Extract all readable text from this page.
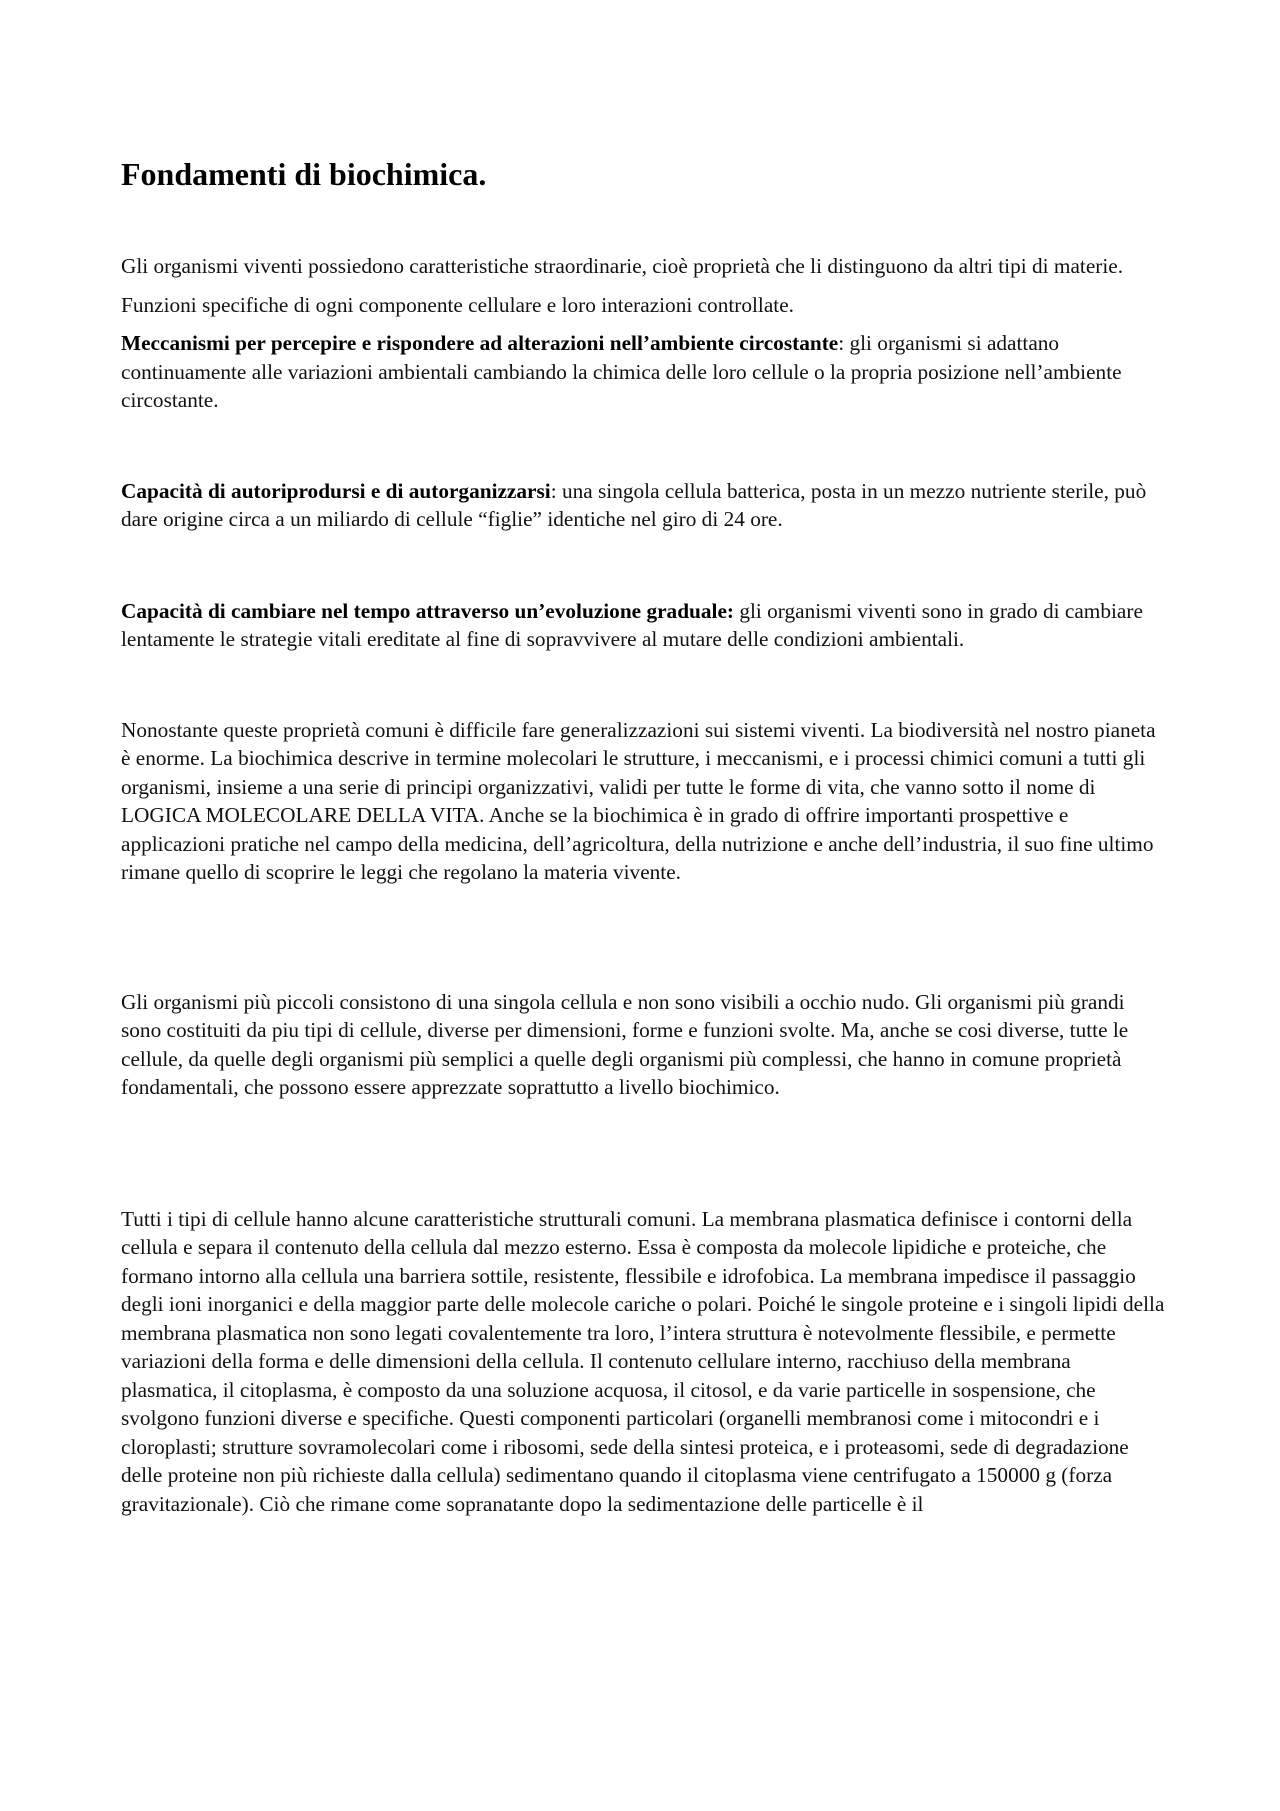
Fondamenti di biochimica.

Gli organismi viventi possiedono caratteristiche straordinarie, cioè proprietà che li distinguono da altri tipi di materie.

Funzioni specifiche di ogni componente cellulare e loro interazioni controllate.

Meccanismi per percepire e rispondere ad alterazioni nell’ambiente circostante: gli organismi si adattano continuamente alle variazioni ambientali cambiando la chimica delle loro cellule o la propria posizione nell’ambiente circostante.

Capacità di autoriprodursi e di autorganizzarsi: una singola cellula batterica, posta in un mezzo nutriente sterile, può dare origine circa a un miliardo di cellule “figlie” identiche nel giro di 24 ore.

Capacità di cambiare nel tempo attraverso un’evoluzione graduale: gli organismi viventi sono in grado di cambiare lentamente le strategie vitali ereditate al fine di sopravvivere al mutare delle condizioni ambientali.

Nonostante queste proprietà comuni è difficile fare generalizzazioni sui sistemi viventi. La biodiversità nel nostro pianeta è enorme. La biochimica descrive in termine molecolari le strutture, i meccanismi, e i processi chimici comuni a tutti gli organismi, insieme a una serie di principi organizzativi, validi per tutte le forme di vita, che vanno sotto il nome di LOGICA MOLECOLARE DELLA VITA. Anche se la biochimica è in grado di offrire importanti prospettive e applicazioni pratiche nel campo della medicina, dell’agricoltura, della nutrizione e anche dell’industria, il suo fine ultimo rimane quello di scoprire le leggi che regolano la materia vivente.

Gli organismi più piccoli consistono di una singola cellula e non sono visibili a occhio nudo. Gli organismi più grandi sono costituiti da piu tipi di cellule, diverse per dimensioni, forme e funzioni svolte. Ma, anche se cosi diverse, tutte le cellule, da quelle degli organismi più semplici a quelle degli organismi più complessi, che hanno in comune proprietà fondamentali, che possono essere apprezzate soprattutto a livello biochimico.

Tutti i tipi di cellule hanno alcune caratteristiche strutturali comuni. La membrana plasmatica definisce i contorni della cellula e separa il contenuto della cellula dal mezzo esterno. Essa è composta da molecole lipidiche e proteiche, che formano intorno alla cellula una barriera sottile, resistente, flessibile e idrofobica. La membrana impedisce il passaggio degli ioni inorganici e della maggior parte delle molecole cariche o polari. Poiché le singole proteine e i singoli lipidi della membrana plasmatica non sono legati covalentemente tra loro, l’intera struttura è notevolmente flessibile, e permette variazioni della forma e delle dimensioni della cellula. Il contenuto cellulare interno, racchiuso della membrana plasmatica, il citoplasma, è composto da una soluzione acquosa, il citosol, e da varie particelle in sospensione, che svolgono funzioni diverse e specifiche. Questi componenti particolari (organelli membranosi come i mitocondri e i cloroplasti; strutture sovramolecolari come i ribosomi, sede della sintesi proteica, e i proteasomi, sede di degradazione delle proteine non più richieste dalla cellula) sedimentano quando il citoplasma viene centrifugato a 150000 g (forza gravitazionale). Ciò che rimane come sopranatante dopo la sedimentazione delle particelle è il
